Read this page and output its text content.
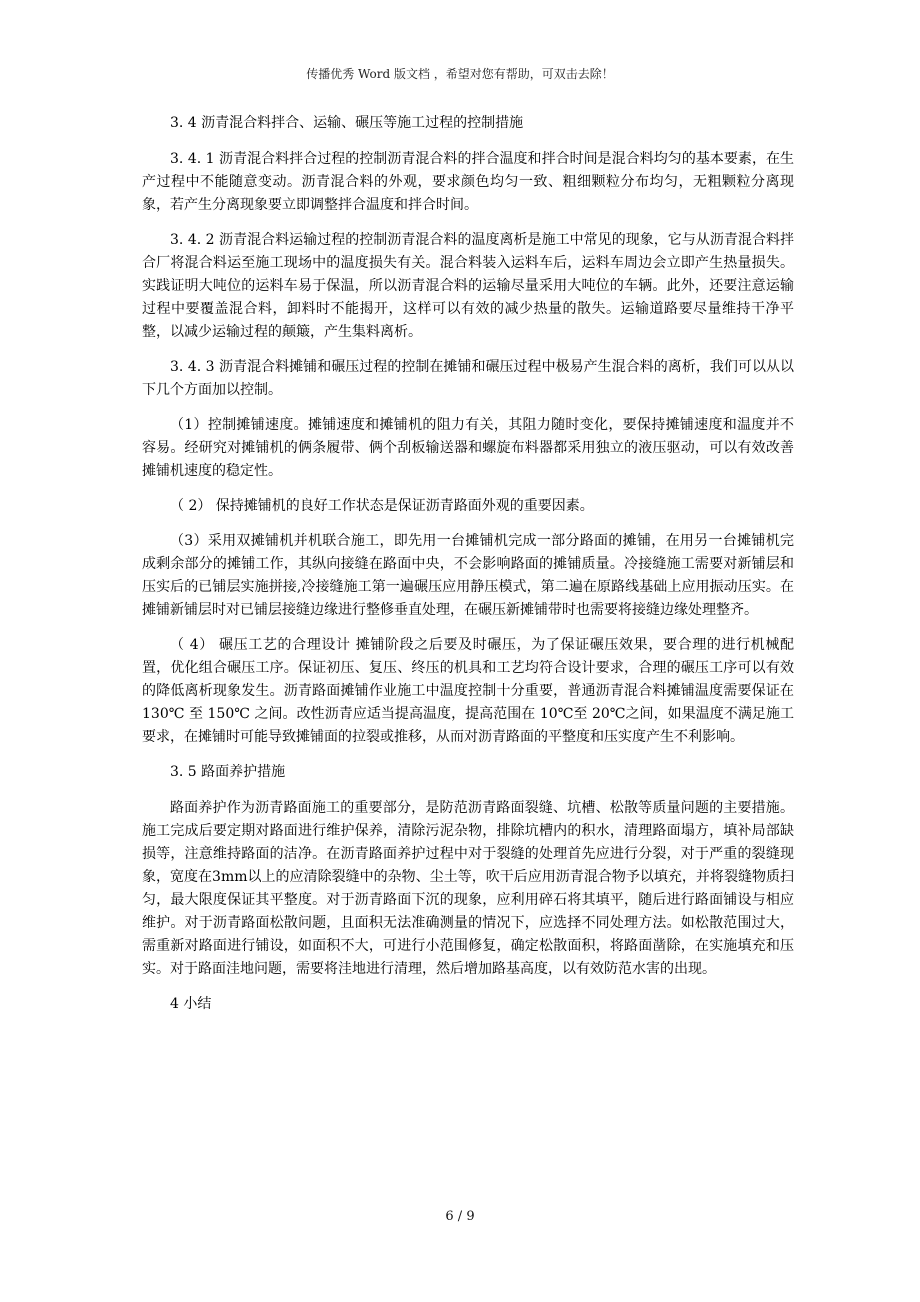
传播优秀 Word 版文档 ，希望对您有帮助，可双击去除！

3. 4 沥青混合料拌合、运输、碾压等施工过程的控制措施

3. 4. 1 沥青混合料拌合过程的控制沥青混合料的拌合温度和拌合时间是混合料均匀的基本要素，在生产过程中不能随意变动。沥青混合料的外观，要求颜色均匀一致、粗细颗粒分布均匀，无粗颗粒分离现象，若产生分离现象要立即调整拌合温度和拌合时间。

3. 4. 2 沥青混合料运输过程的控制沥青混合料的温度离析是施工中常见的现象，它与从沥青混合料拌合厂将混合料运至施工现场中的温度损失有关。混合料装入运料车后，运料车周边会立即产生热量损失。实践证明大吨位的运料车易于保温，所以沥青混合料的运输尽量采用大吨位的车辆。此外，还要注意运输过程中要覆盖混合料，卸料时不能揭开，这样可以有效的减少热量的散失。运输道路要尽量维持干净平整，以减少运输过程的颠簸，产生集料离析。

3. 4. 3 沥青混合料摊铺和碾压过程的控制在摊铺和碾压过程中极易产生混合料的离析，我们可以从以下几个方面加以控制。

（1）控制摊铺速度。摊铺速度和摊铺机的阻力有关，其阻力随时变化，要保持摊铺速度和温度并不容易。经研究对摊铺机的俩条履带、俩个刮板输送器和螺旋布料器都采用独立的液压驱动，可以有效改善摊铺机速度的稳定性。

（ 2） 保持摊铺机的良好工作状态是保证沥青路面外观的重要因素。

（3）采用双摊铺机并机联合施工，即先用一台摊铺机完成一部分路面的摊铺，在用另一台摊铺机完成剩余部分的摊铺工作，其纵向接缝在路面中央，不会影响路面的摊铺质量。冷接缝施工需要对新铺层和压实后的已铺层实施拼接,冷接缝施工第一遍碾压应用静压模式，第二遍在原路线基础上应用振动压实。在摊铺新铺层时对已铺层接缝边缘进行整修垂直处理，在碾压新摊铺带时也需要将接缝边缘处理整齐。

（ 4） 碾压工艺的合理设计 摊铺阶段之后要及时碾压，为了保证碾压效果，要合理的进行机械配置，优化组合碾压工序。保证初压、复压、终压的机具和工艺均符合设计要求，合理的碾压工序可以有效的降低离析现象发生。沥青路面摊铺作业施工中温度控制十分重要，普通沥青混合料摊铺温度需要保证在 130℃ 至 150℃ 之间。改性沥青应适当提高温度，提高范围在 10℃至 20℃之间，如果温度不满足施工要求，在摊铺时可能导致摊铺面的拉裂或推移，从而对沥青路面的平整度和压实度产生不利影响。

3. 5 路面养护措施

路面养护作为沥青路面施工的重要部分，是防范沥青路面裂缝、坑槽、松散等质量问题的主要措施。施工完成后要定期对路面进行维护保养，清除污泥杂物，排除坑槽内的积水，清理路面塌方，填补局部缺损等，注意维持路面的洁净。在沥青路面养护过程中对于裂缝的处理首先应进行分裂，对于严重的裂缝现象，宽度在3mm以上的应清除裂缝中的杂物、尘土等，吹干后应用沥青混合物予以填充，并将裂缝物质扫匀，最大限度保证其平整度。对于沥青路面下沉的现象，应利用碎石将其填平，随后进行路面铺设与相应维护。对于沥青路面松散问题，且面积无法准确测量的情况下，应选择不同处理方法。如松散范围过大，需重新对路面进行铺设，如面积不大，可进行小范围修复，确定松散面积，将路面凿除，在实施填充和压实。对于路面洼地问题，需要将洼地进行清理，然后增加路基高度，以有效防范水害的出现。

4 小结

6 / 9
